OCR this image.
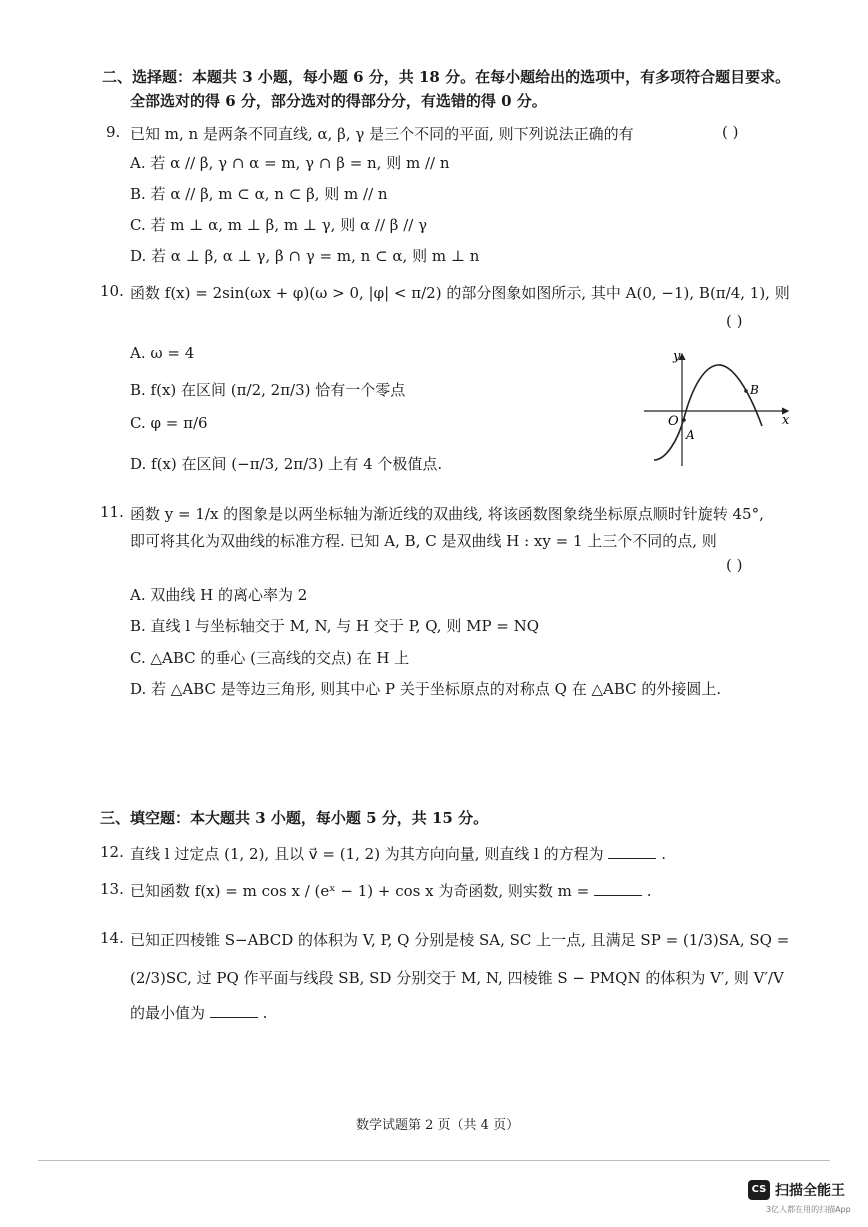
二、选择题：本题共 3 小题，每小题 6 分，共 18 分。在每小题给出的选项中，有多项符合题目要求。
全部选对的得 6 分，部分选对的得部分分，有选错的得 0 分。
9. 已知 m, n 是两条不同直线, α, β, γ 是三个不同的平面, 则下列说法正确的有	( )
A. 若 α // β, γ ∩ α = m, γ ∩ β = n, 则 m // n
B. 若 α // β, m ⊂ α, n ⊂ β, 则 m // n
C. 若 m ⊥ α, m ⊥ β, m ⊥ γ, 则 α // β // γ
D. 若 α ⊥ β, α ⊥ γ, β ∩ γ = m, n ⊂ α, 则 m ⊥ n
10. 函数 f(x) = 2sin(ωx + φ)(ω > 0, |φ| < π/2) 的部分图象如图所示, 其中 A(0, −1), B(π/4, 1), 则
( )
A. ω = 4
B. f(x) 在区间 (π/2, 2π/3) 恰有一个零点
C. φ = π/6
D. f(x) 在区间 (−π/3, 2π/3) 上有 4 个极值点.
y
x
O
A
B
11. 函数 y = 1/x 的图象是以两坐标轴为渐近线的双曲线, 将该函数图象绕坐标原点顺时针旋转 45°,
即可将其化为双曲线的标准方程. 已知 A, B, C 是双曲线 H : xy = 1 上三个不同的点, 则
( )
A. 双曲线 H 的离心率为 2
B. 直线 l 与坐标轴交于 M, N, 与 H 交于 P, Q, 则 MP = NQ
C. △ABC 的垂心 (三高线的交点) 在 H 上
D. 若 △ABC 是等边三角形, 则其中心 P 关于坐标原点的对称点 Q 在 △ABC 的外接圆上.
三、填空题：本大题共 3 小题，每小题 5 分，共 15 分。
12. 直线 l 过定点 (1, 2), 且以 v⃗ = (1, 2) 为其方向向量, 则直线 l 的方程为	.
13. 已知函数 f(x) = m cos x / (eˣ − 1) + cos x 为奇函数, 则实数 m =	.
14. 已知正四棱锥 S−ABCD 的体积为 V, P, Q 分别是棱 SA, SC 上一点, 且满足 SP = (1/3)SA, SQ =
(2/3)SC, 过 PQ 作平面与线段 SB, SD 分别交于 M, N, 四棱锥 S − PMQN 的体积为 V′, 则 V′/V
的最小值为	.
数学试题第 2 页（共 4 页）
CS 扫描全能王
3亿人都在用的扫描App
